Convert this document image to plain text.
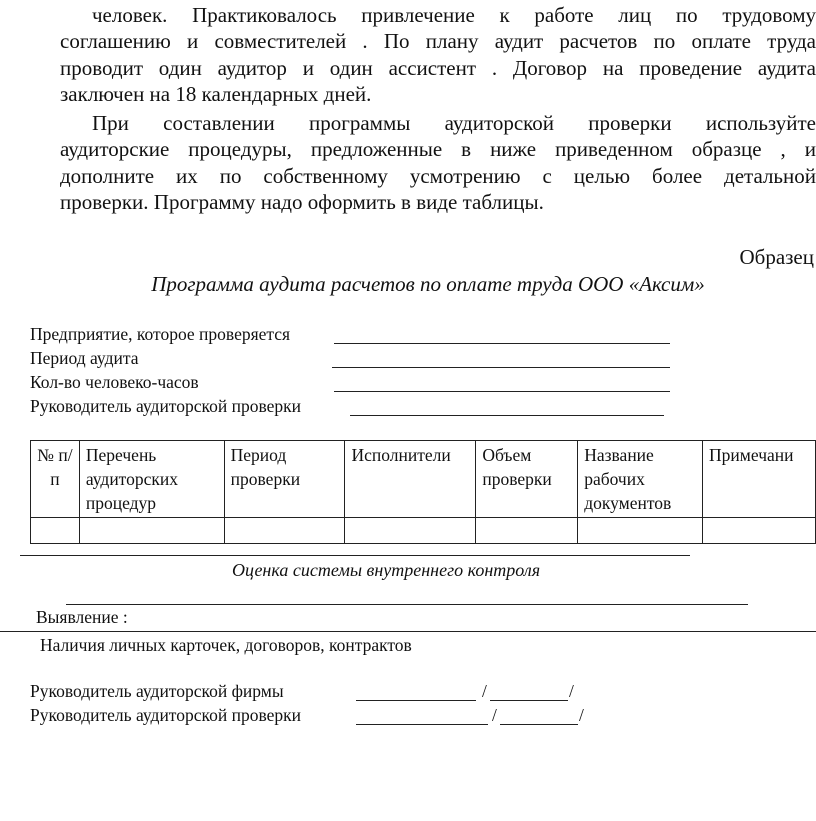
человек. Практиковалось привлечение к работе лиц по трудовому
соглашению и совместителей . По плану аудит расчетов по оплате труда
проводит один аудитор и один ассистент . Договор на проведение аудита
заключен на 18 календарных дней.
При составлении программы аудиторской проверки используйте
аудиторские процедуры, предложенные в ниже приведенном образце , и
дополните их по собственному усмотрению с целью более детальной
проверки. Программу надо оформить в виде таблицы.
Образец
Программа аудита расчетов по оплате труда ООО «Аксим»
Предприятие, которое проверяется
Период аудита
Кол-во человеко-часов
Руководитель аудиторской проверки
№ п/п	Перечень аудиторских процедур	Период проверки	Исполнители	Объем проверки	Название рабочих документов	Примечани

Оценка системы внутреннего контроля
Выявление :
Наличия личных карточек, договоров, контрактов
Руководитель аудиторской фирмы	/	/
Руководитель аудиторской проверки	/	/
